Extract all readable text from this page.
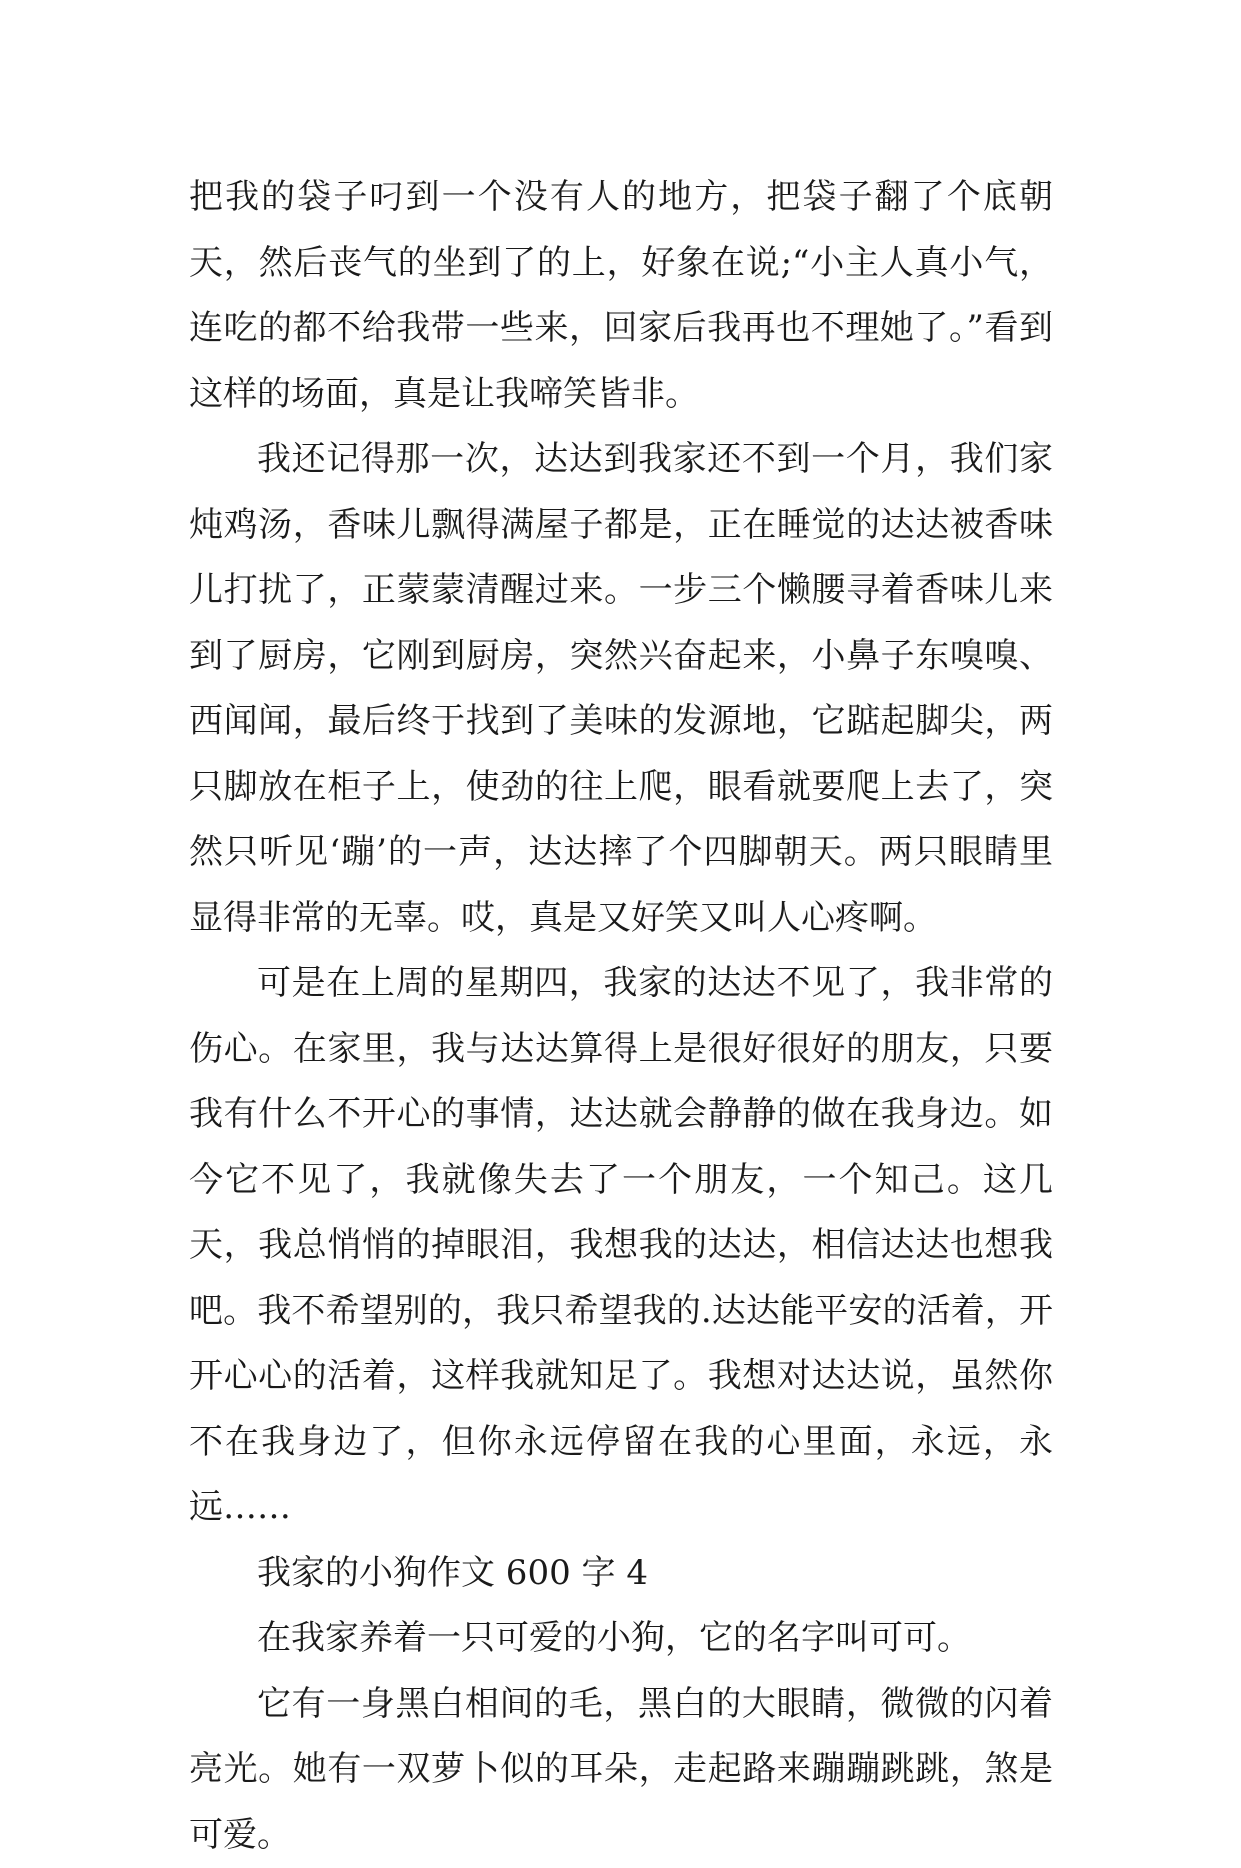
把我的袋子叼到一个没有人的地方，把袋子翻了个底朝天，然后丧气的坐到了的上，好象在说;“小主人真小气，连吃的都不给我带一些来，回家后我再也不理她了。”看到这样的场面，真是让我啼笑皆非。

我还记得那一次，达达到我家还不到一个月，我们家炖鸡汤，香味儿飘得满屋子都是，正在睡觉的达达被香味儿打扰了，正蒙蒙清醒过来。一步三个懒腰寻着香味儿来到了厨房，它刚到厨房，突然兴奋起来，小鼻子东嗅嗅、西闻闻，最后终于找到了美味的发源地，它踮起脚尖，两只脚放在柜子上，使劲的往上爬，眼看就要爬上去了，突然只听见‘蹦’的一声，达达摔了个四脚朝天。两只眼睛里显得非常的无辜。哎，真是又好笑又叫人心疼啊。

可是在上周的星期四，我家的达达不见了，我非常的伤心。在家里，我与达达算得上是很好很好的朋友，只要我有什么不开心的事情，达达就会静静的做在我身边。如今它不见了，我就像失去了一个朋友，一个知己。这几天，我总悄悄的掉眼泪，我想我的达达，相信达达也想我吧。我不希望别的，我只希望我的.达达能平安的活着，开开心心的活着，这样我就知足了。我想对达达说，虽然你不在我身边了，但你永远停留在我的心里面，永远，永远……

我家的小狗作文 600 字 4

在我家养着一只可爱的小狗，它的名字叫可可。

它有一身黑白相间的毛，黑白的大眼睛，微微的闪着亮光。她有一双萝卜似的耳朵，走起路来蹦蹦跳跳，煞是可爱。
